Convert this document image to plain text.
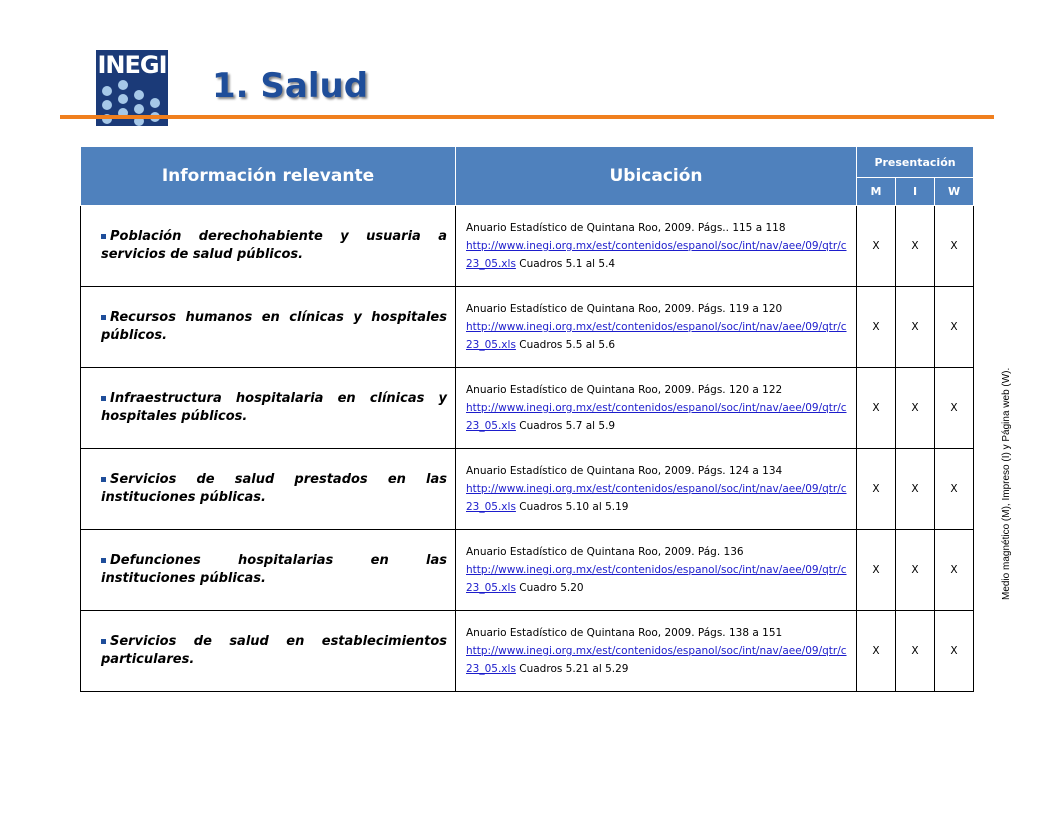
INEGI
1. Salud
Información relevante	Ubicación	Presentación		
		M	I	W
Población derechohabiente y usuaria a servicios de salud públicos.	Anuario Estadístico de Quintana Roo, 2009. Págs.. 115 a 118
http://www.inegi.org.mx/est/contenidos/espanol/soc/int/nav/aee/09/qtr/c23_05.xls Cuadros 5.1 al 5.4	X	X	X
Recursos humanos en clínicas y hospitales públicos.	Anuario Estadístico de Quintana Roo, 2009. Págs. 119 a 120
http://www.inegi.org.mx/est/contenidos/espanol/soc/int/nav/aee/09/qtr/c23_05.xls Cuadros 5.5 al 5.6	X	X	X
Infraestructura hospitalaria en clínicas y hospitales públicos.	Anuario Estadístico de Quintana Roo, 2009. Págs. 120 a 122
http://www.inegi.org.mx/est/contenidos/espanol/soc/int/nav/aee/09/qtr/c23_05.xls Cuadros 5.7 al 5.9	X	X	X
Servicios de salud prestados en las instituciones públicas.	Anuario Estadístico de Quintana Roo, 2009. Págs. 124 a 134
http://www.inegi.org.mx/est/contenidos/espanol/soc/int/nav/aee/09/qtr/c23_05.xls Cuadros 5.10 al 5.19	X	X	X
Defunciones hospitalarias en las instituciones públicas.	Anuario Estadístico de Quintana Roo, 2009. Pág. 136
http://www.inegi.org.mx/est/contenidos/espanol/soc/int/nav/aee/09/qtr/c23_05.xls Cuadro 5.20	X	X	X
Servicios de salud en establecimientos particulares.	Anuario Estadístico de Quintana Roo, 2009. Págs. 138 a 151
http://www.inegi.org.mx/est/contenidos/espanol/soc/int/nav/aee/09/qtr/c23_05.xls Cuadros 5.21 al 5.29	X	X	X
Medio magnético (M), Impreso (I) y Página web (W).
